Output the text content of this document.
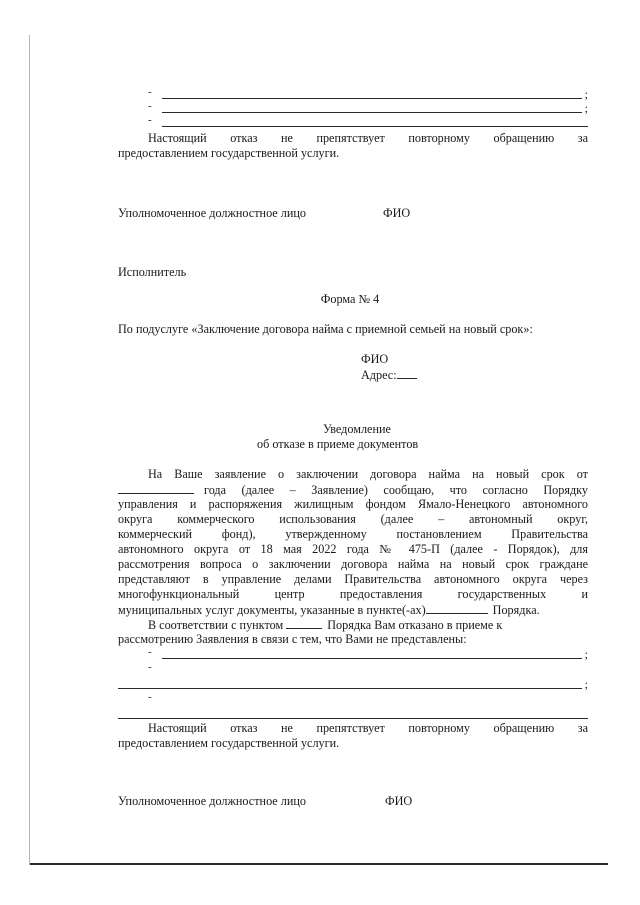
-	;
-	;
-
Настоящий отказ не препятствует повторному обращению за
предоставлением государственной услуги.
Уполномоченное должностное лицо	ФИО
Исполнитель
Форма № 4
По подуслуге «Заключение договора найма с приемной семьей на новый срок»:
ФИО
Адрес:
Уведомление
об отказе в приеме документов
На Ваше заявление о заключении договора найма на новый срок от
года (далее – Заявление) сообщаю, что согласно Порядку
управления и распоряжения жилищным фондом Ямало-Ненецкого автономного
округа коммерческого использования (далее – автономный округ,
коммерческий фонд), утвержденному постановлением Правительства
автономного округа от 18 мая 2022 года № 475-П (далее - Порядок), для
рассмотрения вопроса о заключении договора найма на новый срок граждане
представляют в управление делами Правительства автономного округа через
многофункциональный центр предоставления государственных и
муниципальных услуг документы, указанные в пункте(-ах)	Порядка.
В соответствии с пунктом	Порядка Вам отказано в приеме к
рассмотрению Заявления в связи с тем, что Вами не представлены:
-	;
-
;
-
Настоящий отказ не препятствует повторному обращению за
предоставлением государственной услуги.
Уполномоченное должностное лицо	ФИО
